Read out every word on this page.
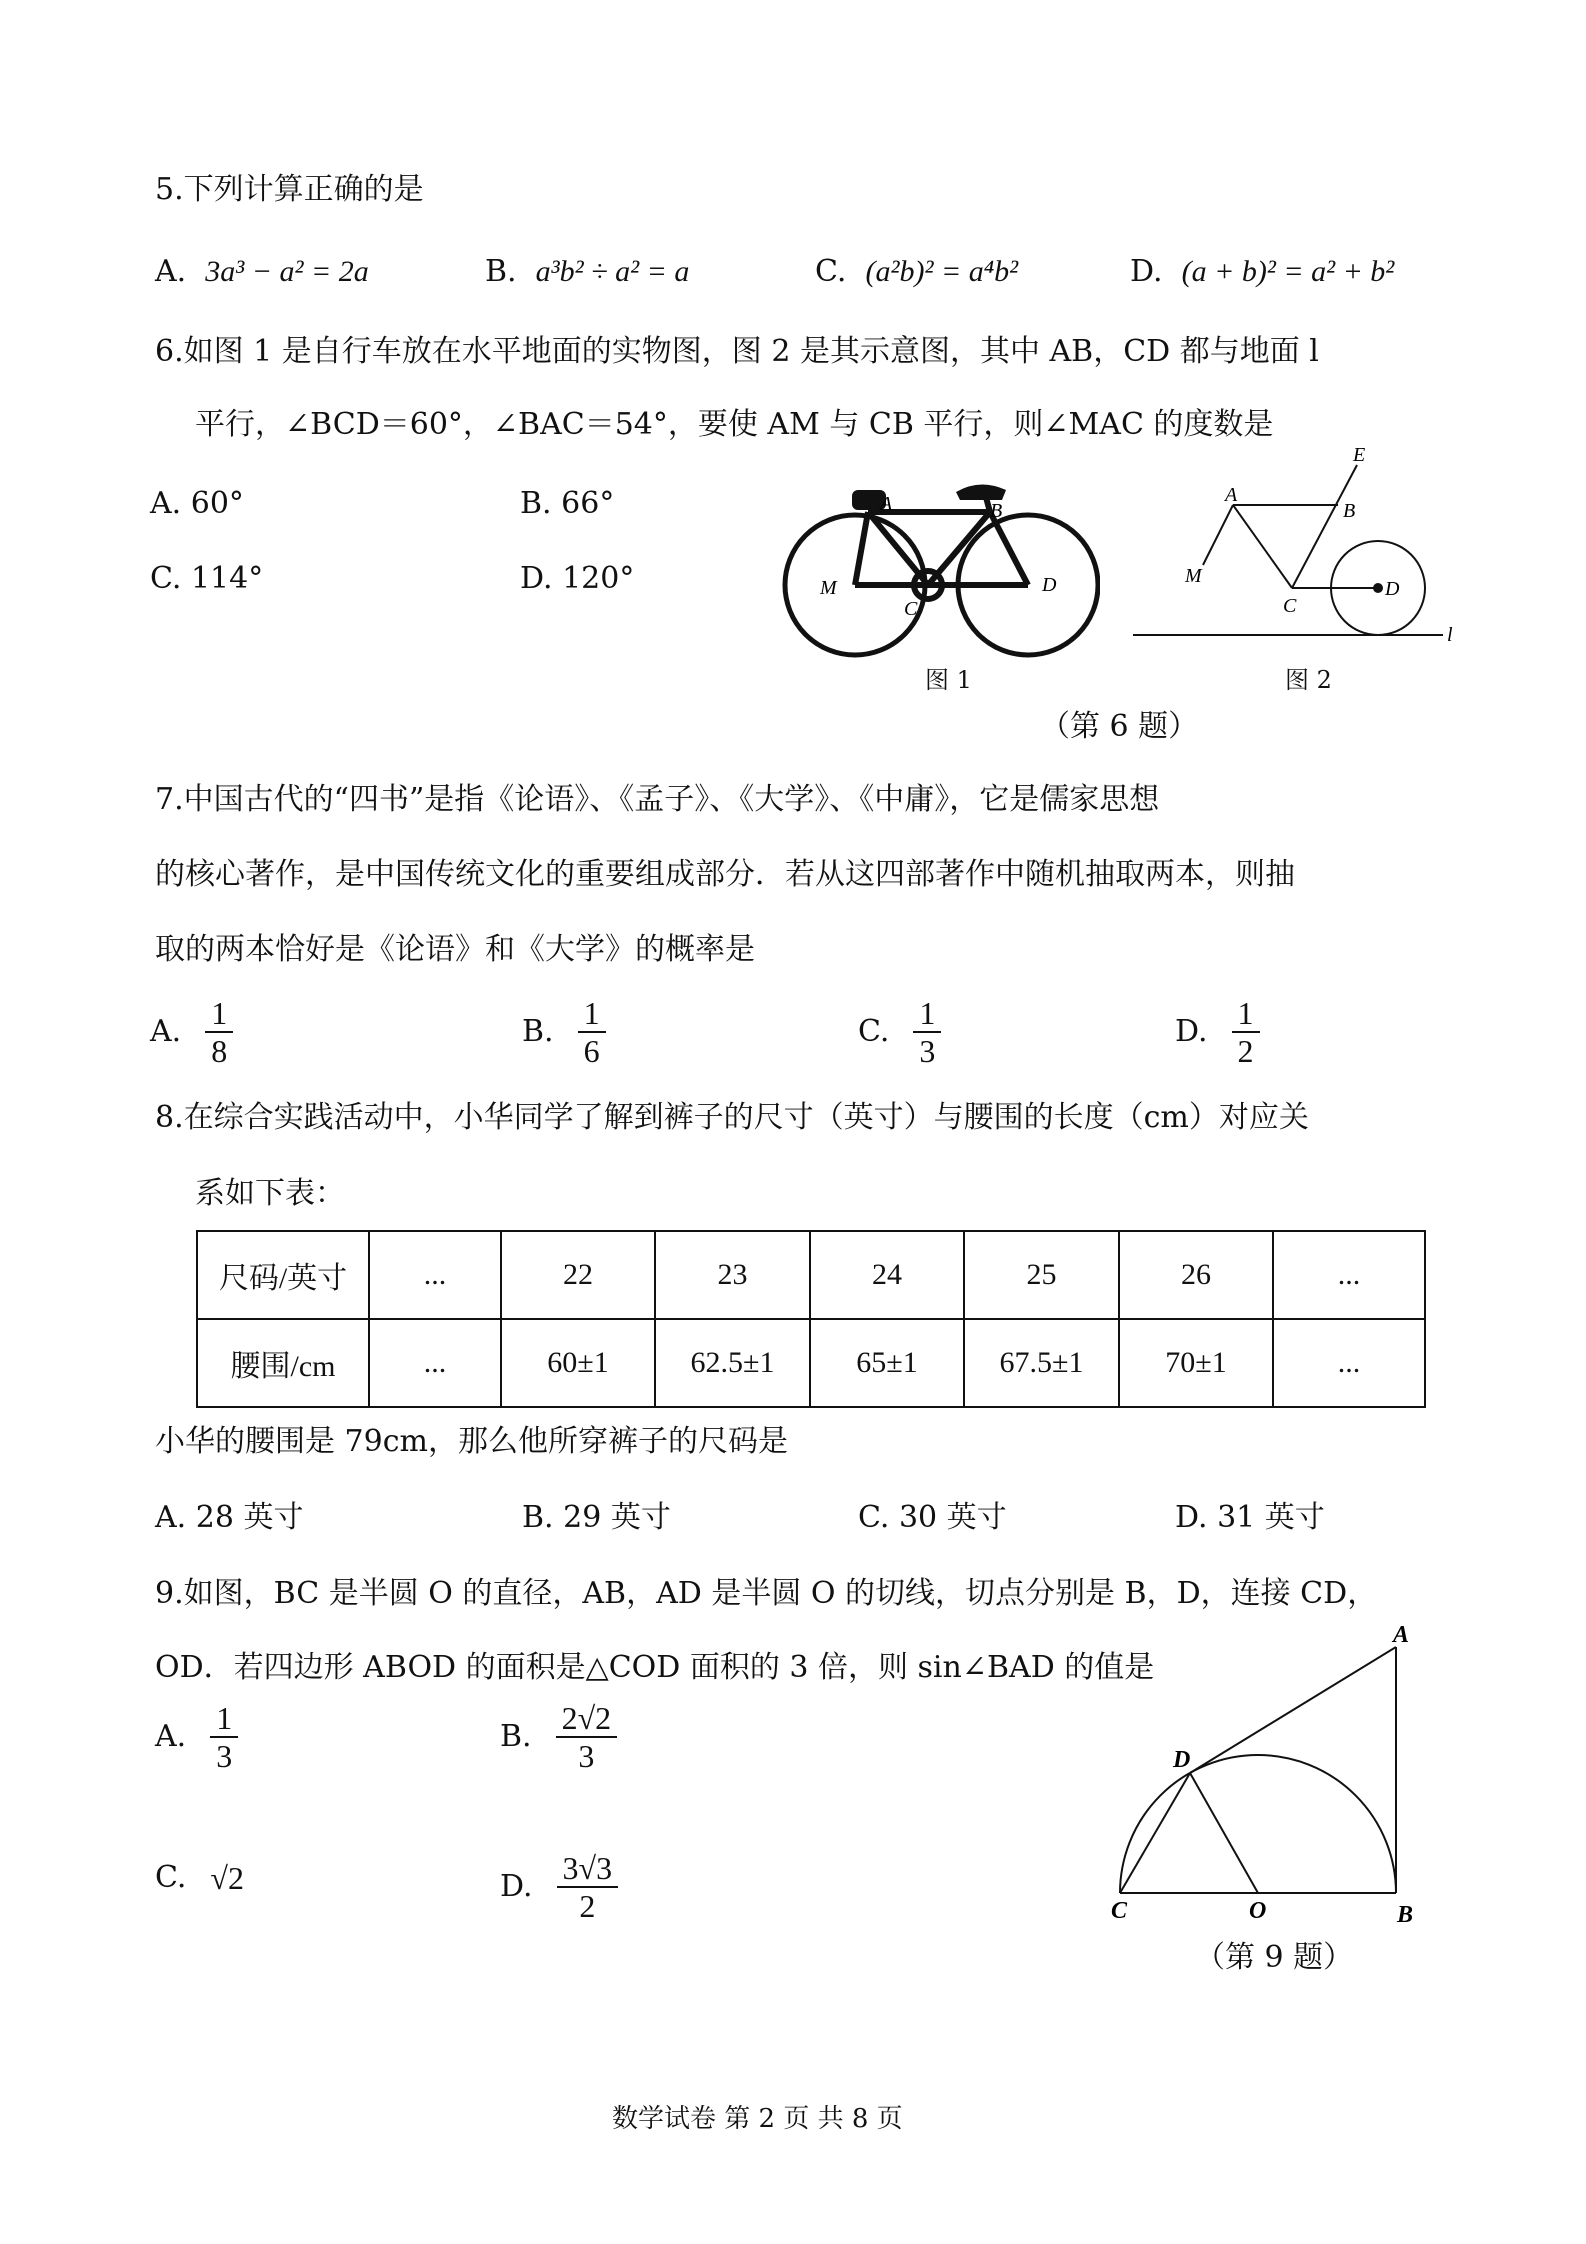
5.下列计算正确的是
A. 3a³ − a² = 2a	B. a³b² ÷ a² = a	C. (a²b)² = a⁴b²	D. (a + b)² = a² + b²
6.如图 1 是自行车放在水平地面的实物图，图 2 是其示意图，其中 AB，CD 都与地面 l
平行，∠BCD＝60°，∠BAC＝54°，要使 AM 与 CB 平行，则∠MAC 的度数是
A. 60°	B. 66°
C. 114°	D. 120°
A	B
C
D
M
图 1
A
B
C
D
E
M
l
图 2
（第 6 题）
7.中国古代的“四书”是指《论语》、《孟子》、《大学》、《中庸》，它是儒家思想
的核心著作，是中国传统文化的重要组成部分．若从这四部著作中随机抽取两本，则抽
取的两本恰好是《论语》和《大学》的概率是
A. $\frac{1}{8}$	B. $\frac{1}{6}$	C. $\frac{1}{3}$	D. $\frac{1}{2}$
8.在综合实践活动中，小华同学了解到裤子的尺寸（英寸）与腰围的长度（cm）对应关
系如下表：
尺码/英寸	...	22	23	24	25	26	...
腰围/cm	...	60±1	62.5±1	65±1	67.5±1	70±1	...
小华的腰围是 79cm，那么他所穿裤子的尺码是
A. 28 英寸	B. 29 英寸	C. 30 英寸	D. 31 英寸
9.如图，BC 是半圆 O 的直径，AB，AD 是半圆 O 的切线，切点分别是 B，D，连接 CD，
OD．若四边形 ABOD 的面积是△COD 面积的 3 倍，则 sin∠BAD 的值是
A. $\frac{1}{3}$	B. $\frac{2√2}{3}$
C. √2	D. $\frac{3√3}{2}$
A
B
C
D
O
（第 9 题）
数学试卷 第 2 页 共 8 页
